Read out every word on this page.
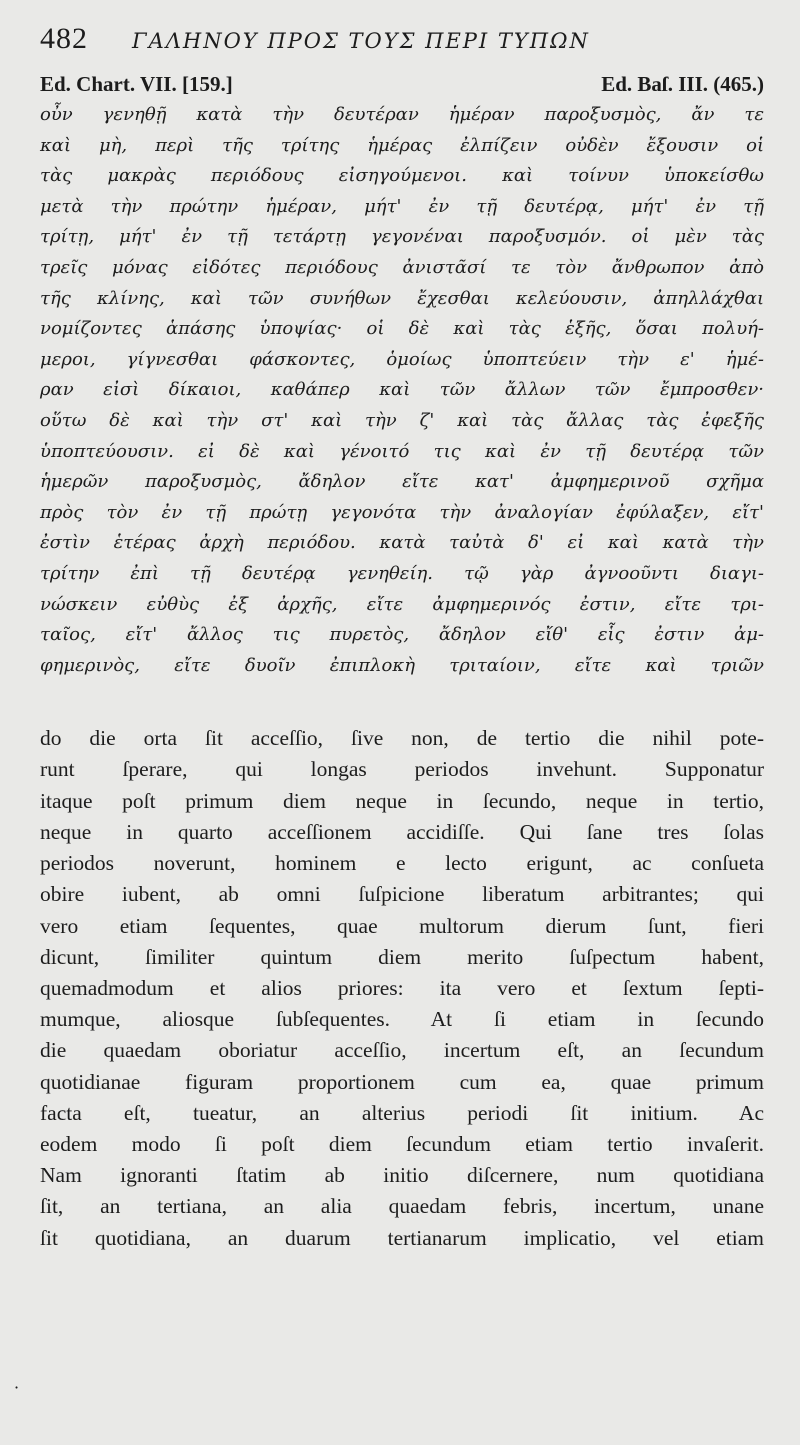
482	ΓΑΛΗΝΟΥ ΠΡΟΣ ΤΟΥΣ ΠΕΡΙ ΤΥΠΩΝ
Ed. Chart. VII. [159.]	Ed. Baſ. III. (465.)
οὖν γενηθῇ κατὰ τὴν δευτέραν ἡμέραν παροξυσμὸς, ἄν τε
καὶ μὴ, περὶ τῆς τρίτης ἡμέρας ἐλπίζειν οὐδὲν ἔξουσιν οἱ
τὰς μακρὰς περιόδους εἰσηγούμενοι. καὶ τοίνυν ὑποκείσθω
μετὰ τὴν πρώτην ἡμέραν, μήτ' ἐν τῇ δευτέρᾳ, μήτ' ἐν τῇ
τρίτῃ, μήτ' ἐν τῇ τετάρτῃ γεγονέναι παροξυσμόν. οἱ μὲν τὰς
τρεῖς μόνας εἰδότες περιόδους ἀνιστᾶσί τε τὸν ἄνθρωπον ἀπὸ
τῆς κλίνης, καὶ τῶν συνήθων ἔχεσθαι κελεύουσιν, ἀπηλλάχθαι
νομίζοντες ἁπάσης ὑποψίας· οἱ δὲ καὶ τὰς ἑξῆς, ὅσαι πολυή-
μεροι, γίγνεσθαι φάσκοντες, ὁμοίως ὑποπτεύειν τὴν ε' ἡμέ-
ραν εἰσὶ δίκαιοι, καθάπερ καὶ τῶν ἄλλων τῶν ἔμπροσθεν·
οὕτω δὲ καὶ τὴν στ' καὶ τὴν ζ' καὶ τὰς ἄλλας τὰς ἐφεξῆς
ὑποπτεύουσιν. εἰ δὲ καὶ γένοιτό τις καὶ ἐν τῇ δευτέρᾳ τῶν
ἡμερῶν παροξυσμὸς, ἄδηλον εἴτε κατ' ἀμφημερινοῦ σχῆμα
πρὸς τὸν ἐν τῇ πρώτῃ γεγονότα τὴν ἀναλογίαν ἐφύλαξεν, εἴτ'
ἐστὶν ἑτέρας ἀρχὴ περιόδου. κατὰ ταὐτὰ δ' εἰ καὶ κατὰ τὴν
τρίτην ἐπὶ τῇ δευτέρᾳ γενηθείη. τῷ γὰρ ἀγνοοῦντι διαγι-
νώσκειν εὐθὺς ἐξ ἀρχῆς, εἴτε ἀμφημερινός ἐστιν, εἴτε τρι-
ταῖος, εἴτ' ἄλλος τις πυρετὸς, ἄδηλον εἴθ' εἷς ἐστιν ἀμ-
φημερινὸς, εἴτε δυοῖν ἐπιπλοκὴ τριταίοιν, εἴτε καὶ τριῶν
do die orta ſit acceſſio, ſive non, de tertio die nihil pote-
runt ſperare, qui longas periodos invehunt. Supponatur
itaque poſt primum diem neque in ſecundo, neque in tertio,
neque in quarto acceſſionem accidiſſe. Qui ſane tres ſolas
periodos noverunt, hominem e lecto erigunt, ac conſueta
obire iubent, ab omni ſuſpicione liberatum arbitrantes; qui
vero etiam ſequentes, quae multorum dierum ſunt, fieri
dicunt, ſimiliter quintum diem merito ſuſpectum habent,
quemadmodum et alios priores: ita vero et ſextum ſepti-
mumque, aliosque ſubſequentes. At ſi etiam in ſecundo
die quaedam oboriatur acceſſio, incertum eſt, an ſecundum
quotidianae figuram proportionem cum ea, quae primum
facta eſt, tueatur, an alterius periodi ſit initium. Ac
eodem modo ſi poſt diem ſecundum etiam tertio invaſerit.
Nam ignoranti ſtatim ab initio diſcernere, num quotidiana
ſit, an tertiana, an alia quaedam febris, incertum, unane
ſit quotidiana, an duarum tertianarum implicatio, vel etiam
·
